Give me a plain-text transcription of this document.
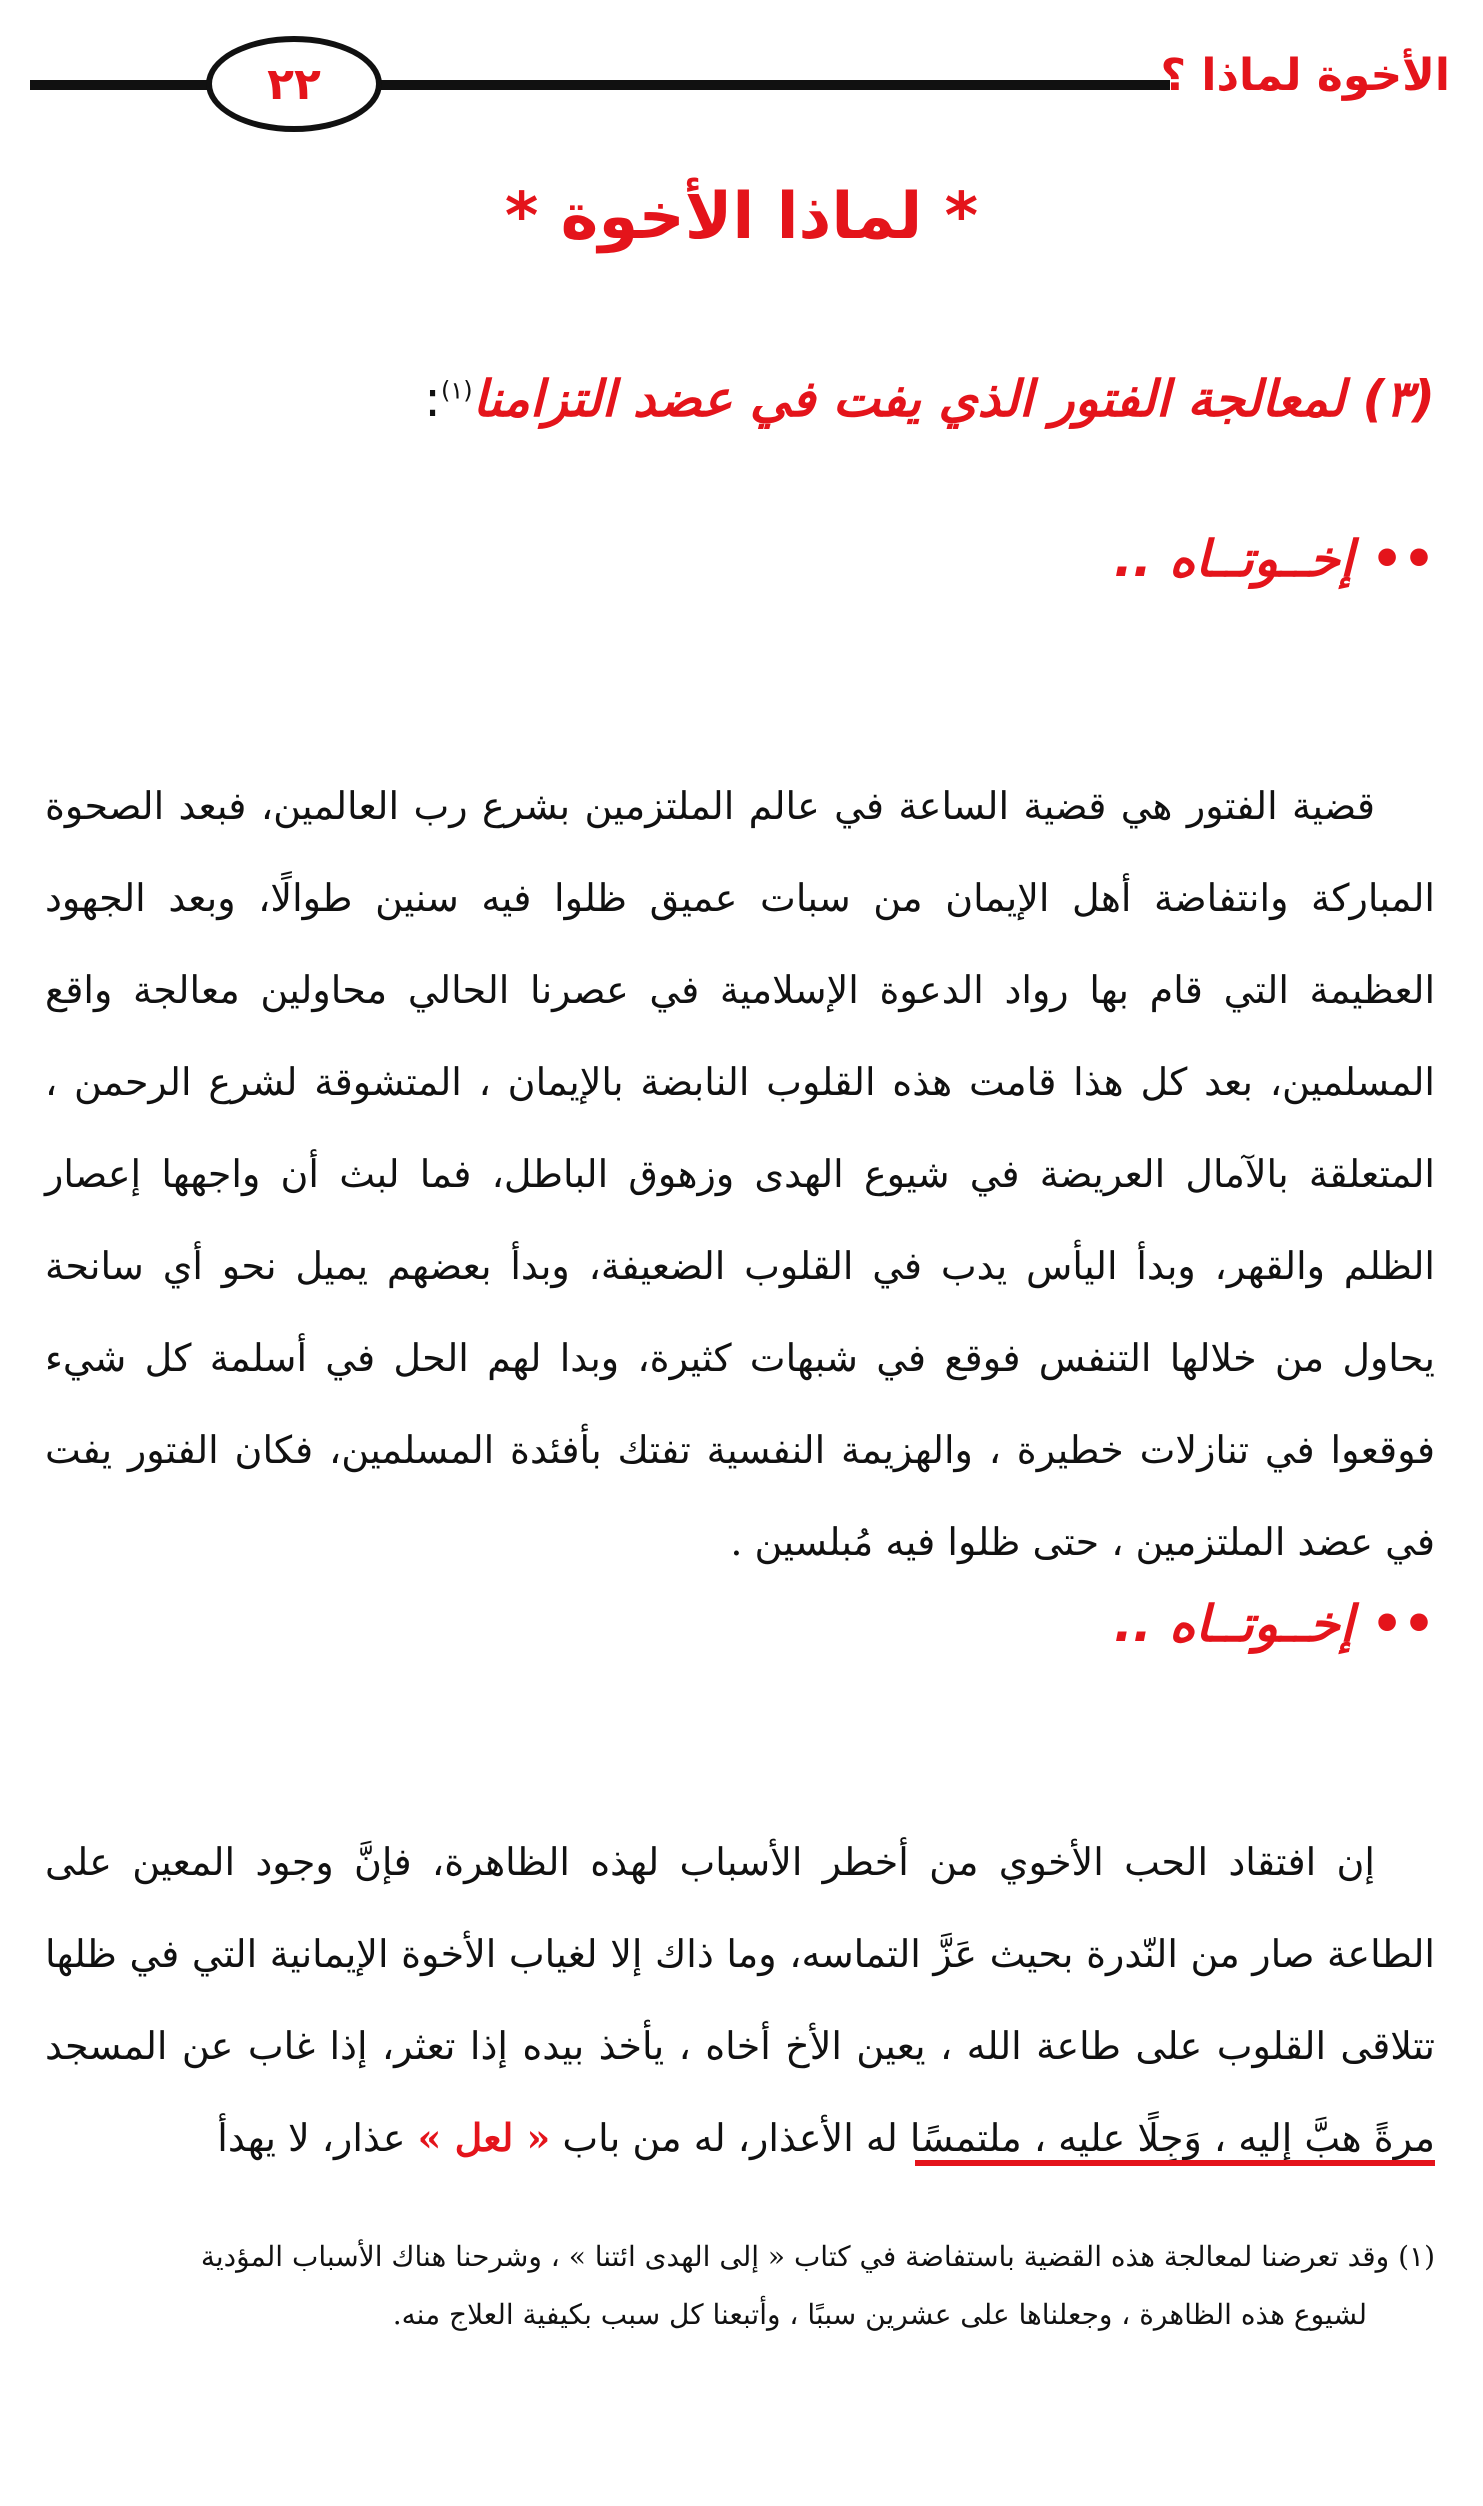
٢٢	الأخوة لماذا ؟
* لماذا الأخوة *
(٣) لمعالجة الفتور الذي يفت في عضد التزامنا$^{(١)}$:
•• إخــوتــاه ..

قضية الفتور هي قضية الساعة في عالم الملتزمين بشرع رب العالمين، فبعد الصحوة المباركة وانتفاضة أهل الإيمان من سبات عميق ظلوا فيه سنين طوالًا، وبعد الجهود العظيمة التي قام بها رواد الدعوة الإسلامية في عصرنا الحالي محاولين معالجة واقع المسلمين، بعد كل هذا قامت هذه القلوب النابضة بالإيمان ، المتشوقة لشرع الرحمن ، المتعلقة بالآمال العريضة في شيوع الهدى وزهوق الباطل، فما لبث أن واجهها إعصار الظلم والقهر، وبدأ اليأس يدب في القلوب الضعيفة، وبدأ بعضهم يميل نحو أي سانحة يحاول من خلالها التنفس فوقع في شبهات كثيرة، وبدا لهم الحل في أسلمة كل شيء فوقعوا في تنازلات خطيرة ، والهزيمة النفسية تفتك بأفئدة المسلمين، فكان الفتور يفت في عضد الملتزمين ، حتى ظلوا فيه مُبلسين .

•• إخــوتــاه ..

إن افتقاد الحب الأخوي من أخطر الأسباب لهذه الظاهرة، فإنَّ وجود المعين على الطاعة صار من النّدرة بحيث عَزَّ التماسه، وما ذاك إلا لغياب الأخوة الإيمانية التي في ظلها تتلاقى القلوب على طاعة الله ، يعين الأخ أخاه ، يأخذ بيده إذا تعثر، إذا غاب عن المسجد مرةً هبَّ إليه ، وَجِلًا عليه ، ملتمسًا له الأعذار، له من باب « لعل » عذار، لا يهدأ

(١) وقد تعرضنا لمعالجة هذه القضية باستفاضة في كتاب « إلى الهدى ائتنا » ، وشرحنا هناك الأسباب المؤدية
لشيوع هذه الظاهرة ، وجعلناها على عشرين سببًا ، وأتبعنا كل سبب بكيفية العلاج منه.
